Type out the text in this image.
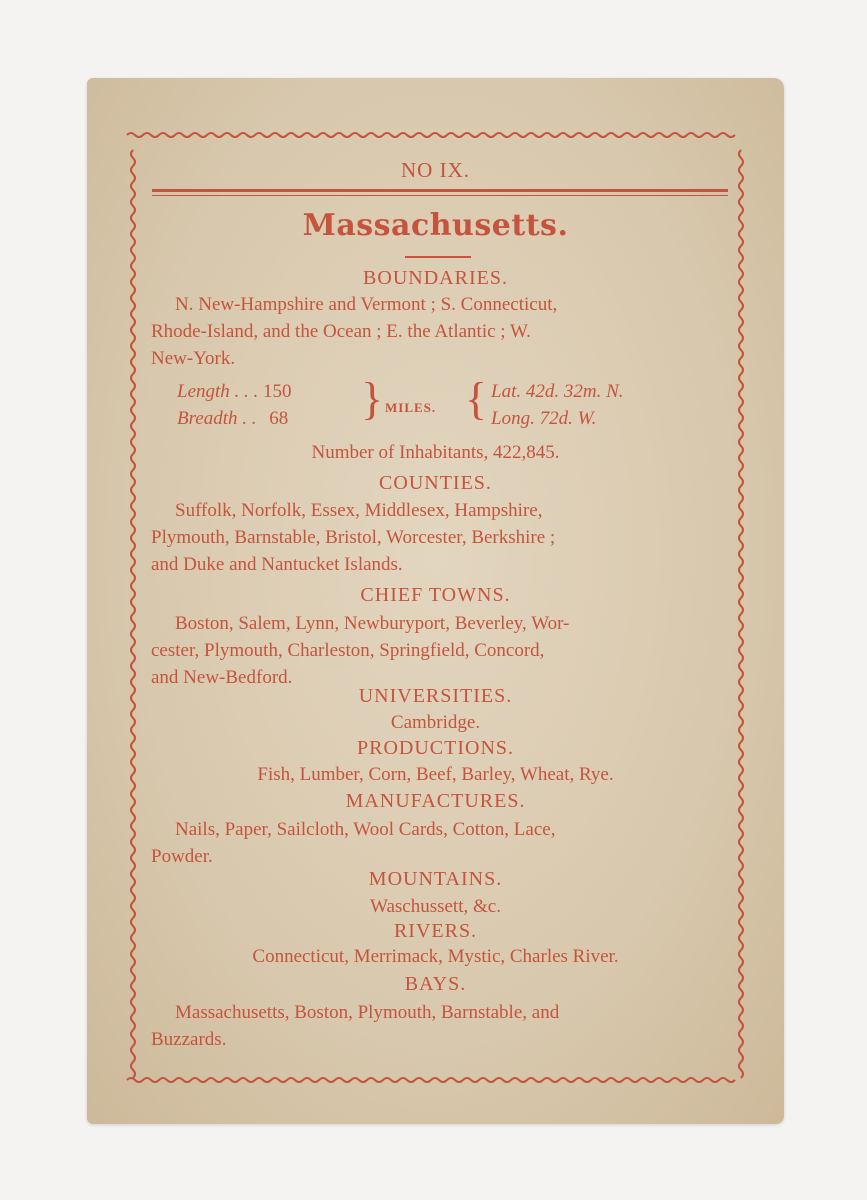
NO IX.
Massachusetts.
BOUNDARIES.
N. New-Hampshire and Vermont ; S. Connecticut,
Rhode-Island, and the Ocean ; E. the Atlantic ; W.
New-York.
Length . . . 150
Breadth . . 68 } MILES. { Lat. 42d. 32m. N.
Long. 72d. W.
Number of Inhabitants, 422,845.
COUNTIES.
Suffolk, Norfolk, Essex, Middlesex, Hampshire,
Plymouth, Barnstable, Bristol, Worcester, Berkshire ;
and Duke and Nantucket Islands.
CHIEF TOWNS.
Boston, Salem, Lynn, Newburyport, Beverley, Wor-
cester, Plymouth, Charleston, Springfield, Concord,
and New-Bedford.
UNIVERSITIES.
Cambridge.
PRODUCTIONS.
Fish, Lumber, Corn, Beef, Barley, Wheat, Rye.
MANUFACTURES.
Nails, Paper, Sailcloth, Wool Cards, Cotton, Lace,
Powder.
MOUNTAINS.
Waschussett, &c.
RIVERS.
Connecticut, Merrimack, Mystic, Charles River.
BAYS.
Massachusetts, Boston, Plymouth, Barnstable, and
Buzzards.
